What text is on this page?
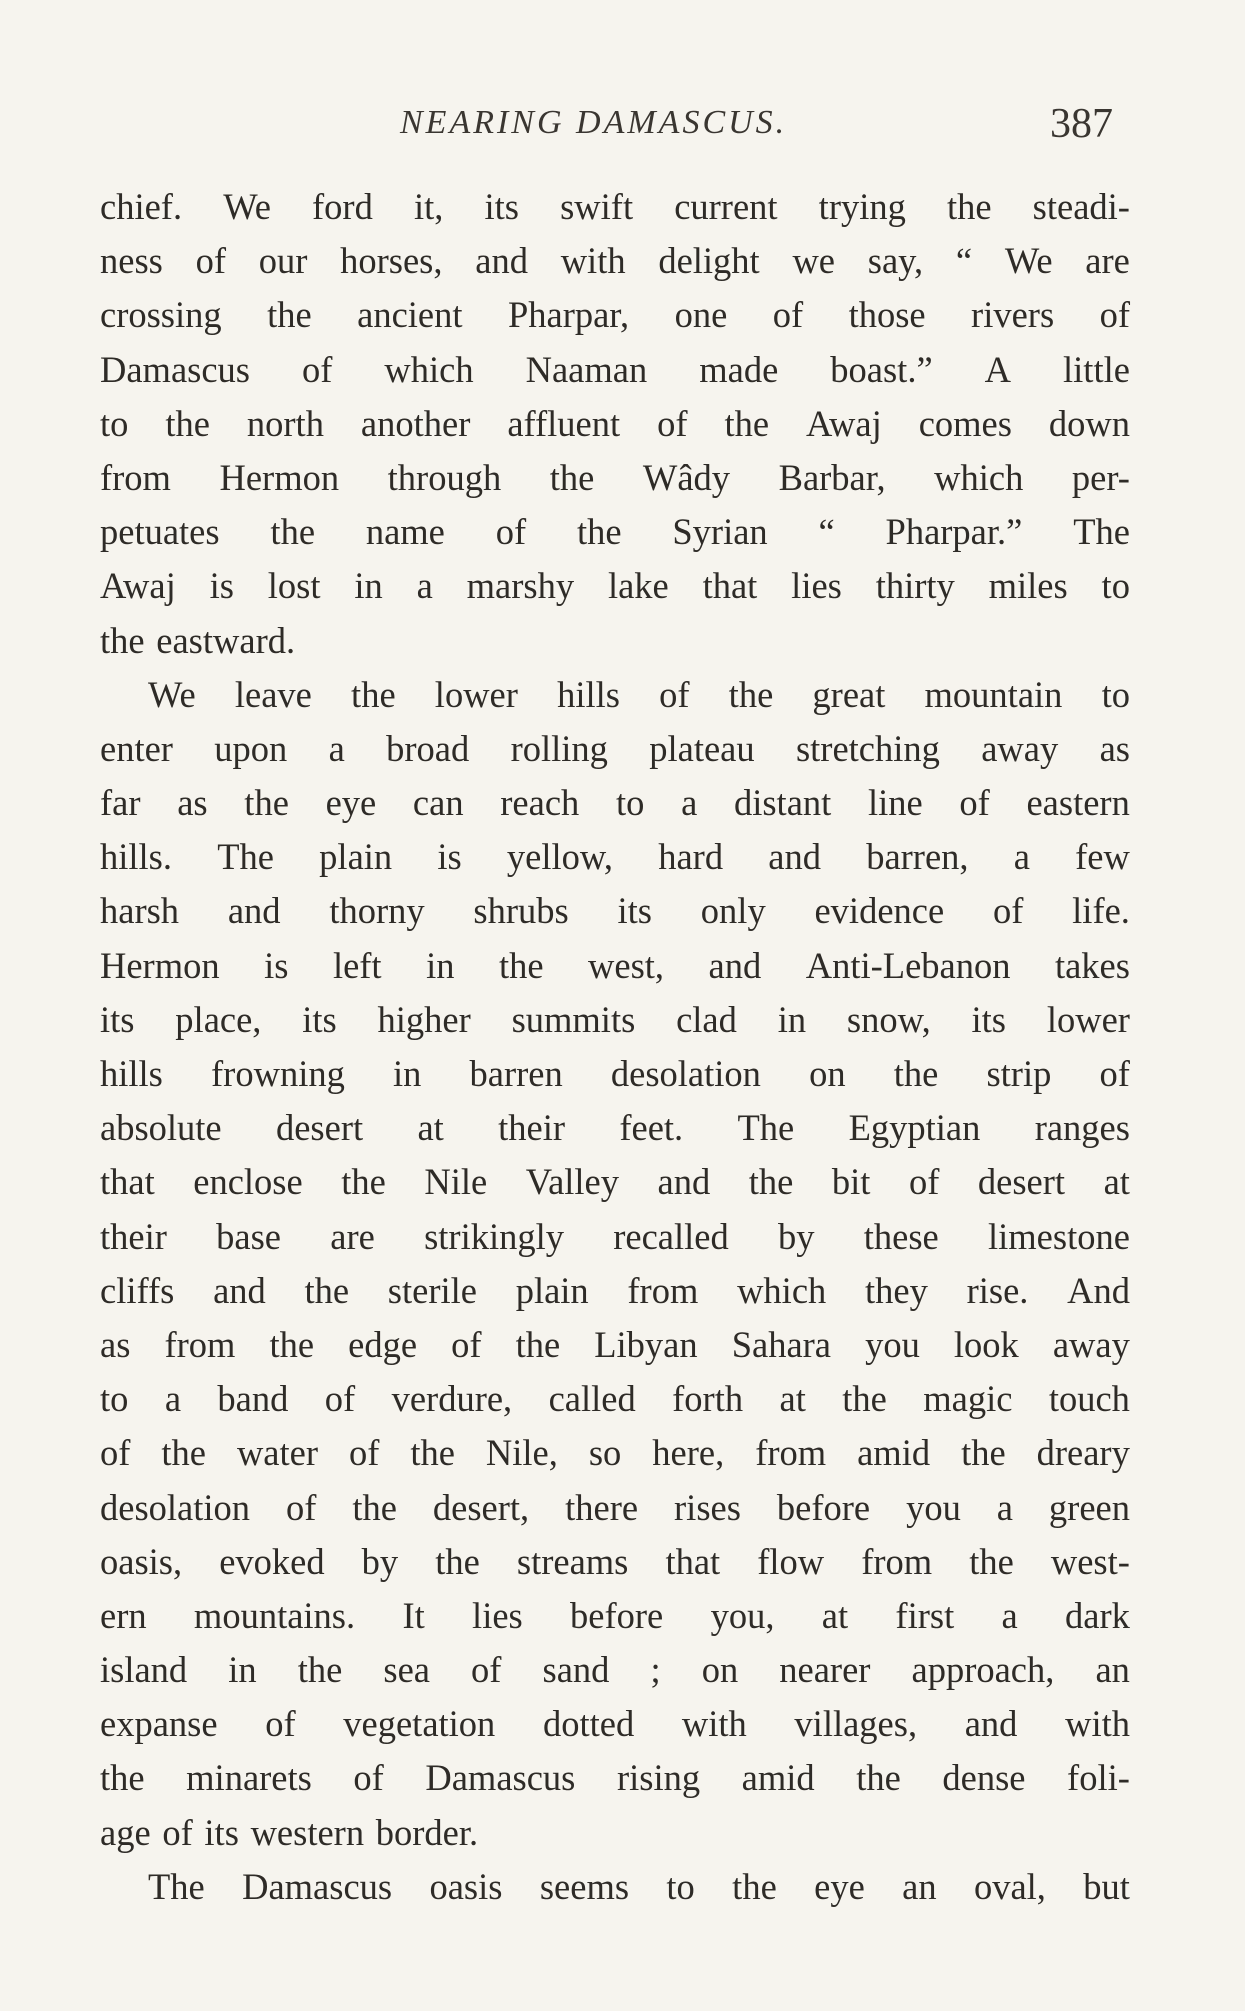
NEARING DAMASCUS.	387
chief. We ford it, its swift current trying the steadi-
ness of our horses, and with delight we say, “ We are
crossing the ancient Pharpar, one of those rivers of
Damascus of which Naaman made boast.” A little
to the north another affluent of the Awaj comes down
from Hermon through the Wâdy Barbar, which per-
petuates the name of the Syrian “ Pharpar.” The
Awaj is lost in a marshy lake that lies thirty miles to
the eastward.
We leave the lower hills of the great mountain to
enter upon a broad rolling plateau stretching away as
far as the eye can reach to a distant line of eastern
hills. The plain is yellow, hard and barren, a few
harsh and thorny shrubs its only evidence of life.
Hermon is left in the west, and Anti-Lebanon takes
its place, its higher summits clad in snow, its lower
hills frowning in barren desolation on the strip of
absolute desert at their feet. The Egyptian ranges
that enclose the Nile Valley and the bit of desert at
their base are strikingly recalled by these limestone
cliffs and the sterile plain from which they rise. And
as from the edge of the Libyan Sahara you look away
to a band of verdure, called forth at the magic touch
of the water of the Nile, so here, from amid the dreary
desolation of the desert, there rises before you a green
oasis, evoked by the streams that flow from the west-
ern mountains. It lies before you, at first a dark
island in the sea of sand ; on nearer approach, an
expanse of vegetation dotted with villages, and with
the minarets of Damascus rising amid the dense foli-
age of its western border.
The Damascus oasis seems to the eye an oval, but
